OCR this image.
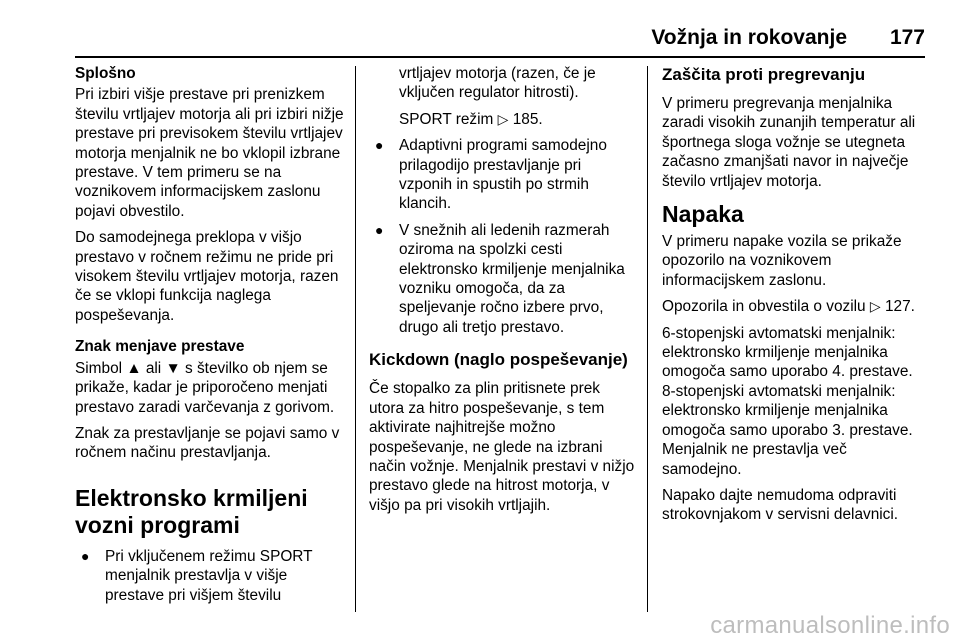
Vožnja in rokovanje 177

Splošno

Pri izbiri višje prestave pri prenizkem številu vrtljajev motorja ali pri izbiri nižje prestave pri previsokem številu vrtljajev motorja menjalnik ne bo vklopil izbrane prestave. V tem primeru se na voznikovem informacijskem zaslonu pojavi obvestilo.

Do samodejnega preklopa v višjo prestavo v ročnem režimu ne pride pri visokem številu vrtljajev motorja, razen če se vklopi funkcija naglega pospeševanja.

Znak menjave prestave

Simbol ▲ ali ▼ s številko ob njem se prikaže, kadar je priporočeno menjati prestavo zaradi varčevanja z gorivom.

Znak za prestavljanje se pojavi samo v ročnem načinu prestavljanja.

Elektronsko krmiljeni vozni programi
● Pri vključenem režimu SPORT menjalnik prestavlja v višje prestave pri višjem številu
vrtljajev motorja (razen, če je vključen regulator hitrosti).
SPORT režim ▷ 185.
● Adaptivni programi samodejno prilagodijo prestavljanje pri vzponih in spustih po strmih klancih.
● V snežnih ali ledenih razmerah oziroma na spolzki cesti elektronsko krmiljenje menjalnika vozniku omogoča, da za speljevanje ročno izbere prvo, drugo ali tretjo prestavo.
Kickdown (naglo pospeševanje)

Če stopalko za plin pritisnete prek utora za hitro pospeševanje, s tem aktivirate najhitrejše možno pospeševanje, ne glede na izbrani način vožnje. Menjalnik prestavi v nižjo prestavo glede na hitrost motorja, v višjo pa pri visokih vrtljajih.

Zaščita proti pregrevanju

V primeru pregrevanja menjalnika zaradi visokih zunanjih temperatur ali športnega sloga vožnje se utegneta začasno zmanjšati navor in največje število vrtljajev motorja.

Napaka

V primeru napake vozila se prikaže opozorilo na voznikovem informacijskem zaslonu.

Opozorila in obvestila o vozilu ▷ 127.

6-stopenjski avtomatski menjalnik: elektronsko krmiljenje menjalnika omogoča samo uporabo 4. prestave. 8-stopenjski avtomatski menjalnik: elektronsko krmiljenje menjalnika omogoča samo uporabo 3. prestave. Menjalnik ne prestavlja več samodejno.

Napako dajte nemudoma odpraviti strokovnjakom v servisni delavnici.

carmanualsonline.info
